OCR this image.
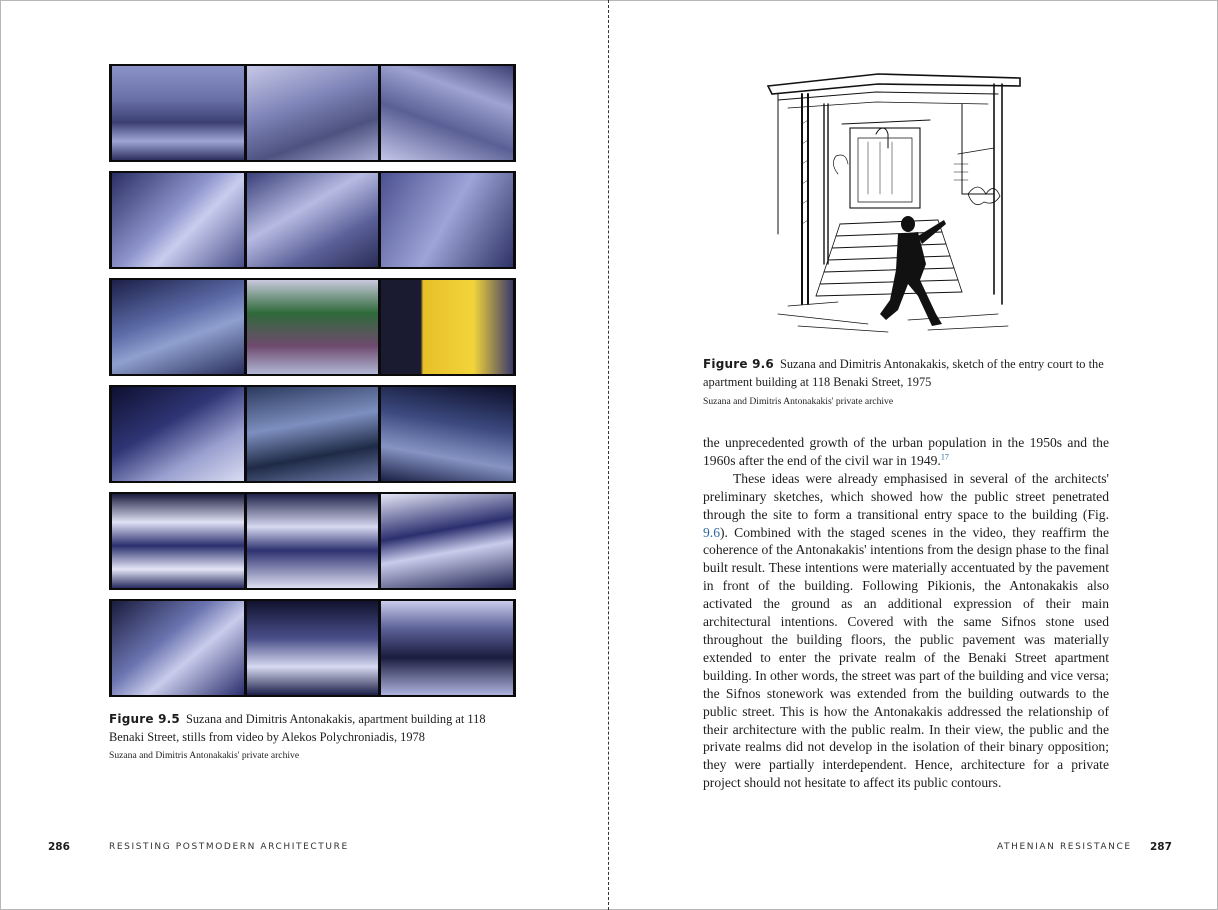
Figure 9.5 Suzana and Dimitris Antonakakis, apartment building at 118 Benaki Street, stills from video by Alekos Polychroniadis, 1978
Suzana and Dimitris Antonakakis' private archive
286	RESISTING POSTMODERN ARCHITECTURE
Figure 9.6 Suzana and Dimitris Antonakakis, sketch of the entry court to the apartment building at 118 Benaki Street, 1975
Suzana and Dimitris Antonakakis' private archive

the unprecedented growth of the urban population in the 1950s and the 1960s after the end of the civil war in 1949.17

These ideas were already emphasised in several of the architects' preliminary sketches, which showed how the public street penetrated through the site to form a transitional entry space to the building (Fig. 9.6). Combined with the staged scenes in the video, they reaffirm the coherence of the Antonakakis' intentions from the design phase to the final built result. These intentions were materially accentuated by the pavement in front of the building. Following Pikionis, the Antonakakis also activated the ground as an additional expression of their main architectural intentions. Covered with the same Sifnos stone used throughout the building floors, the public pavement was materially extended to enter the private realm of the Benaki Street apartment building. In other words, the street was part of the building and vice versa; the Sifnos stonework was extended from the building outwards to the public street. This is how the Antonakakis addressed the relationship of their architecture with the public realm. In their view, the public and the private realms did not develop in the isolation of their binary opposition; they were partially interdependent. Hence, architecture for a private project should not hesitate to affect its public contours.

ATHENIAN RESISTANCE 287
